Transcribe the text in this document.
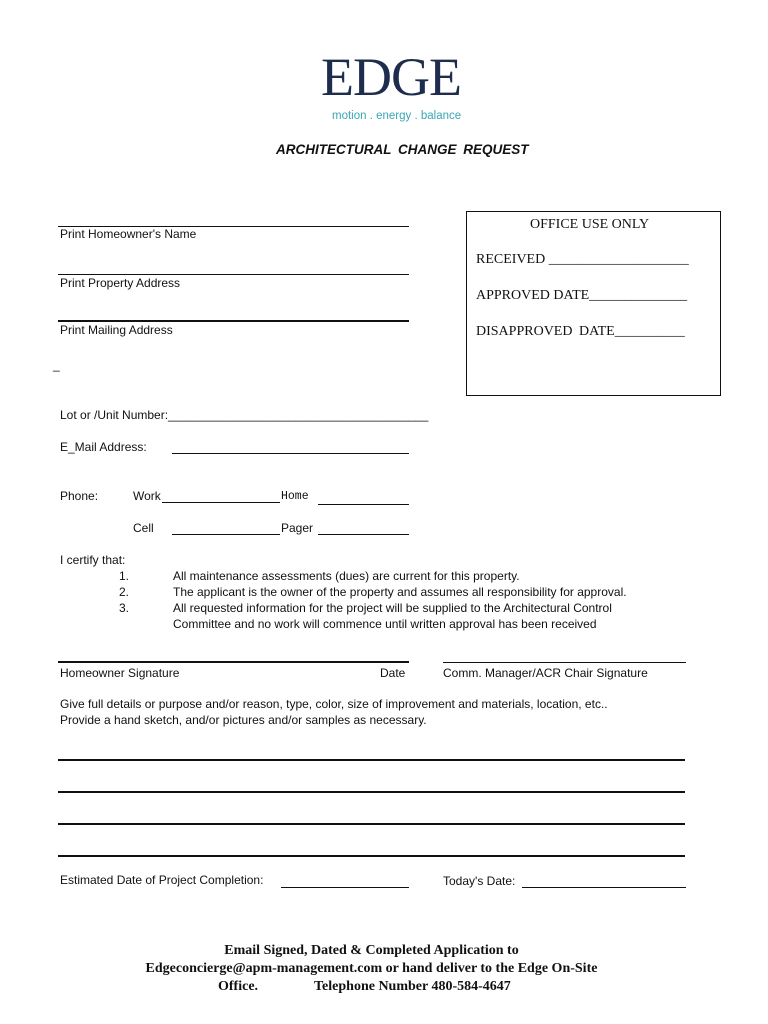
EDGE
motion . energy . balance
ARCHITECTURAL CHANGE REQUEST
Print Homeowner's Name
Print Property Address
Print Mailing Address
_
OFFICE USE ONLY
RECEIVED ____________________
APPROVED DATE______________
DISAPPROVED DATE__________
Lot or /Unit Number: _______________________________________
E_Mail Address:
Phone:	Work	Home
Cell	Pager
I certify that:
1.	All maintenance assessments (dues) are current for this property.
2.	The applicant is the owner of the property and assumes all responsibility for approval.
3.	All requested information for the project will be supplied to the Architectural Control
Committee and no work will commence until written approval has been received
Homeowner Signature	Date	Comm. Manager/ACR Chair Signature
Give full details or purpose and/or reason, type, color, size of improvement and materials, location, etc..
Provide a hand sketch, and/or pictures and/or samples as necessary.
Estimated Date of Project Completion:	Today's Date:
Email Signed, Dated & Completed Application to
Edgeconcierge@apm-management.com or hand deliver to the Edge On-Site
Office.	Telephone Number 480-584-4647
